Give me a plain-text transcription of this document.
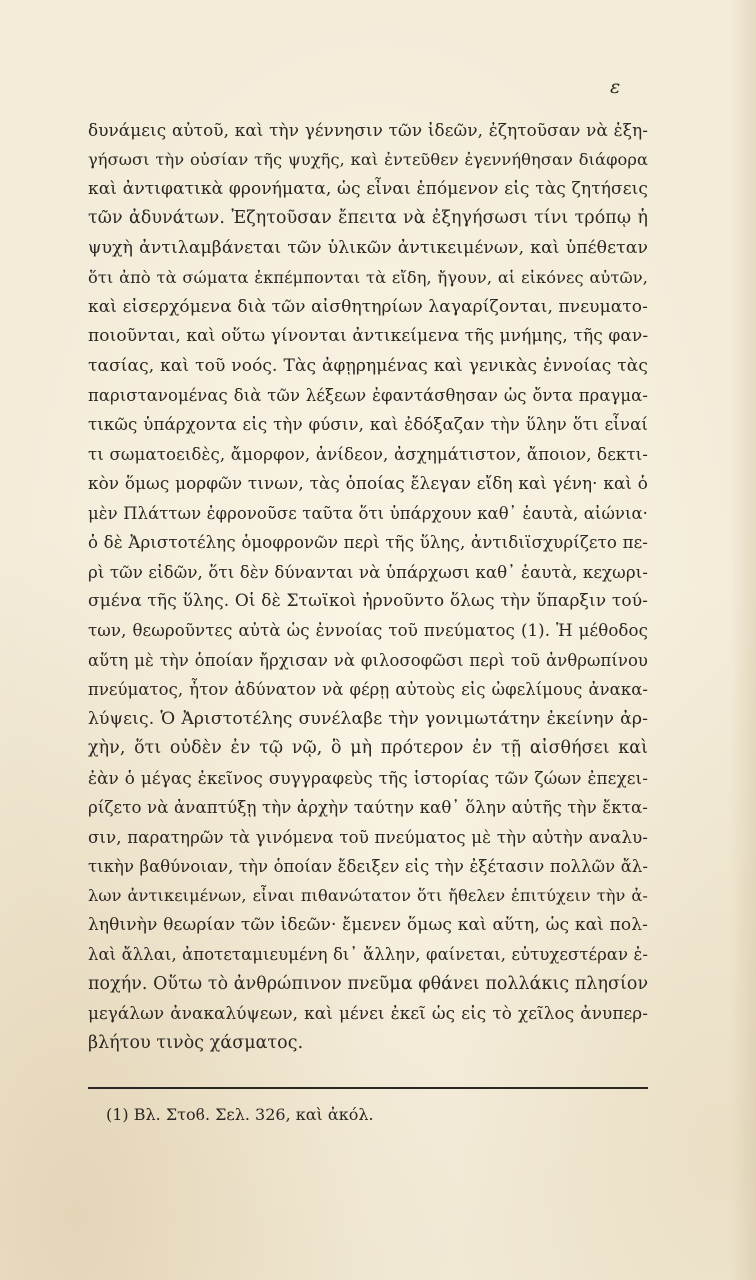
ε
δυνάμεις αὐτοῦ, καὶ τὴν γέννησιν τῶν ἰδεῶν, ἐζητοῦσαν νὰ ἐξη-
γήσωσι τὴν οὐσίαν τῆς ψυχῆς, καὶ ἐντεῦθεν ἐγεννήθησαν διάφορα
καὶ ἀντιφατικὰ φρονήματα, ὡς εἶναι ἑπόμενον εἰς τὰς ζητήσεις
τῶν ἀδυνάτων. Ἐζητοῦσαν ἔπειτα νὰ ἐξηγήσωσι τίνι τρόπῳ ἡ
ψυχὴ ἀντιλαμβάνεται τῶν ὑλικῶν ἀντικειμένων, καὶ ὑπέθεταν
ὅτι ἀπὸ τὰ σώματα ἐκπέμπονται τὰ εἴδη, ἤγουν, αἱ εἰκόνες αὐτῶν,
καὶ εἰσερχόμενα διὰ τῶν αἰσθητηρίων λαγαρίζονται, πνευματο-
ποιοῦνται, καὶ οὕτω γίνονται ἀντικείμενα τῆς μνήμης, τῆς φαν-
τασίας, καὶ τοῦ νοός. Τὰς ἀφῃρημένας καὶ γενικὰς ἐννοίας τὰς
παριστανομένας διὰ τῶν λέξεων ἐφαντάσθησαν ὡς ὄντα πραγμα-
τικῶς ὑπάρχοντα εἰς τὴν φύσιν, καὶ ἐδόξαζαν τὴν ὕλην ὅτι εἶναί
τι σωματοειδὲς, ἄμορφον, ἀνίδεον, ἀσχημάτιστον, ἄποιον, δεκτι-
κὸν ὅμως μορφῶν τινων, τὰς ὁποίας ἔλεγαν εἴδη καὶ γένη· καὶ ὁ
μὲν Πλάττων ἐφρονοῦσε ταῦτα ὅτι ὑπάρχουν καθ᾽ ἑαυτὰ, αἰώνια·
ὁ δὲ Ἀριστοτέλης ὁμοφρονῶν περὶ τῆς ὕλης, ἀντιδιϊσχυρίζετο πε-
ρὶ τῶν εἰδῶν, ὅτι δὲν δύνανται νὰ ὑπάρχωσι καθ᾽ ἑαυτὰ, κεχωρι-
σμένα τῆς ὕλης. Οἱ δὲ Στωϊκοὶ ἠρνοῦντο ὅλως τὴν ὕπαρξιν τού-
των, θεωροῦντες αὐτὰ ὡς ἐννοίας τοῦ πνεύματος (1). Ἡ μέθοδος
αὕτη μὲ τὴν ὁποίαν ἤρχισαν νὰ φιλοσοφῶσι περὶ τοῦ ἀνθρωπίνου
πνεύματος, ἦτον ἀδύνατον νὰ φέρῃ αὐτοὺς εἰς ὠφελίμους ἀνακα-
λύψεις. Ὁ Ἀριστοτέλης συνέλαβε τὴν γονιμωτάτην ἐκείνην ἀρ-
χὴν, ὅτι οὐδὲν ἐν τῷ νῷ, ὃ μὴ πρότερον ἐν τῇ αἰσθήσει καὶ
ἐὰν ὁ μέγας ἐκεῖνος συγγραφεὺς τῆς ἱστορίας τῶν ζώων ἐπεχει-
ρίζετο νὰ ἀναπτύξῃ τὴν ἀρχὴν ταύτην καθ᾽ ὅλην αὐτῆς τὴν ἔκτα-
σιν, παρατηρῶν τὰ γινόμενα τοῦ πνεύματος μὲ τὴν αὐτὴν αναλυ-
τικὴν βαθύνοιαν, τὴν ὁποίαν ἔδειξεν εἰς τὴν ἐξέτασιν πολλῶν ἄλ-
λων ἀντικειμένων, εἶναι πιθανώτατον ὅτι ἤθελεν ἐπιτύχειν τὴν ἀ-
ληθινὴν θεωρίαν τῶν ἰδεῶν· ἔμενεν ὅμως καὶ αὕτη, ὡς καὶ πολ-
λαὶ ἄλλαι, ἀποτεταμιευμένη δι᾽ ἄλλην, φαίνεται, εὐτυχεστέραν ἐ-
ποχήν. Οὕτω τὸ ἀνθρώπινον πνεῦμα φθάνει πολλάκις πλησίον
μεγάλων ἀνακαλύψεων, καὶ μένει ἐκεῖ ὡς εἰς τὸ χεῖλος ἀνυπερ-
βλήτου τινὸς χάσματος.
(1) Βλ. Στοϐ. Σελ. 326, καὶ ἀκόλ.
